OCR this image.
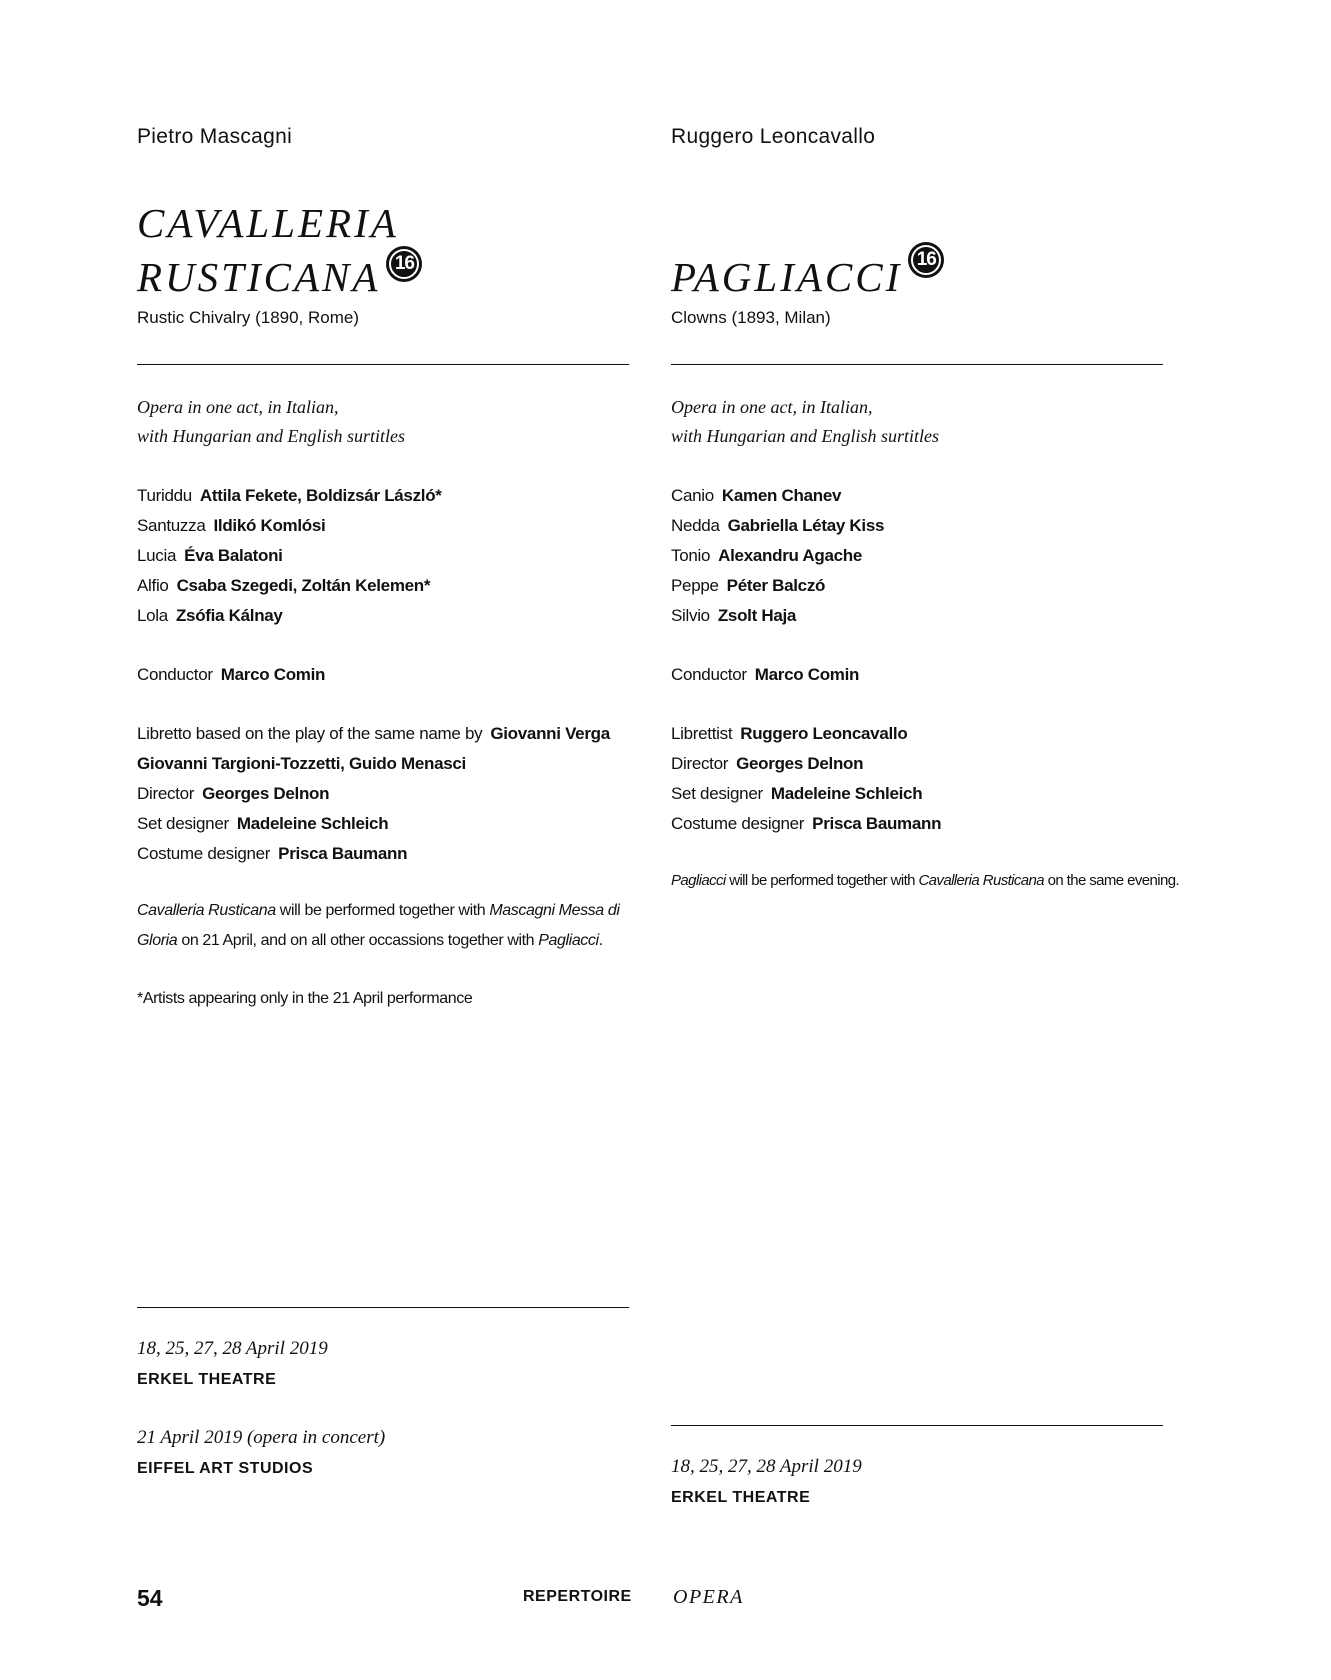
Pietro Mascagni
CAVALLERIA
RUSTICANA 16
Rustic Chivalry (1890, Rome)
Opera in one act, in Italian,
with Hungarian and English surtitles
Turiddu Attila Fekete, Boldizsár László*
Santuzza Ildikó Komlósi
Lucia Éva Balatoni
Alfio Csaba Szegedi, Zoltán Kelemen*
Lola Zsófia Kálnay
Conductor Marco Comin
Libretto based on the play of the same name by Giovanni Verga
Giovanni Targioni-Tozzetti, Guido Menasci
Director Georges Delnon
Set designer Madeleine Schleich
Costume designer Prisca Baumann
Cavalleria Rusticana will be performed together with Mascagni Messa di
Gloria on 21 April, and on all other occassions together with Pagliacci.
*Artists appearing only in the 21 April performance
18, 25, 27, 28 April 2019
ERKEL THEATRE
21 April 2019 (opera in concert)
EIFFEL ART STUDIOS
Ruggero Leoncavallo
PAGLIACCI 16
Clowns (1893, Milan)
Opera in one act, in Italian,
with Hungarian and English surtitles
Canio Kamen Chanev
Nedda Gabriella Létay Kiss
Tonio Alexandru Agache
Peppe Péter Balczó
Silvio Zsolt Haja
Conductor Marco Comin
Librettist Ruggero Leoncavallo
Director Georges Delnon
Set designer Madeleine Schleich
Costume designer Prisca Baumann
Pagliacci will be performed together with Cavalleria Rusticana on the same evening.
18, 25, 27, 28 April 2019
ERKEL THEATRE
54	REPERTOIRE OPERA
